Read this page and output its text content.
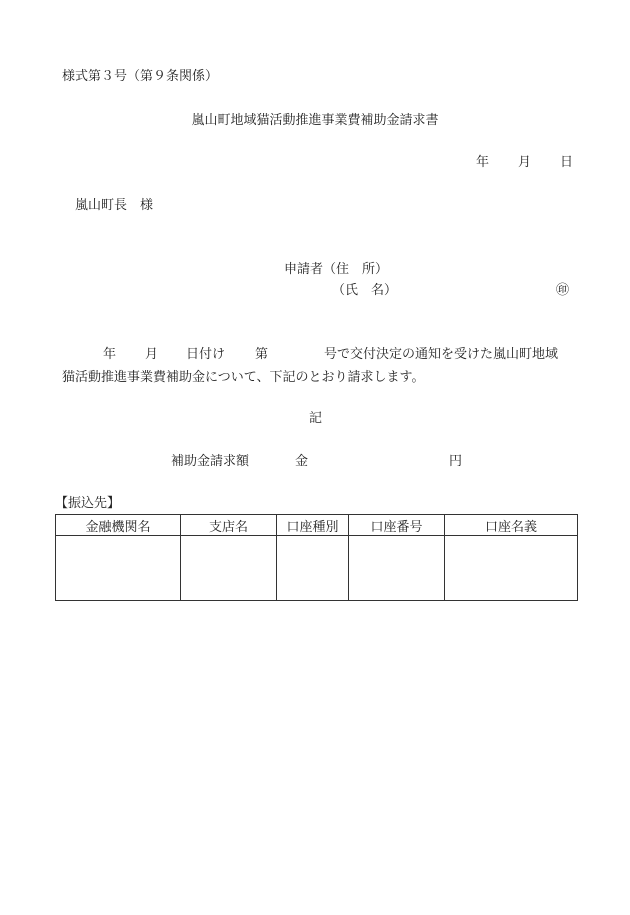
様式第３号（第９条関係）
嵐山町地域猫活動推進事業費補助金請求書
年 月 日
嵐山町長　様
申請者（住　所）
（氏　名）	㊞
年 月 日付け 第	号で交付決定の通知を受けた嵐山町地域
猫活動推進事業費補助金について、下記のとおり請求します。
記
補助金請求額	金	円
【振込先】
金融機関名	支店名	口座種別	口座番号	口座名義
